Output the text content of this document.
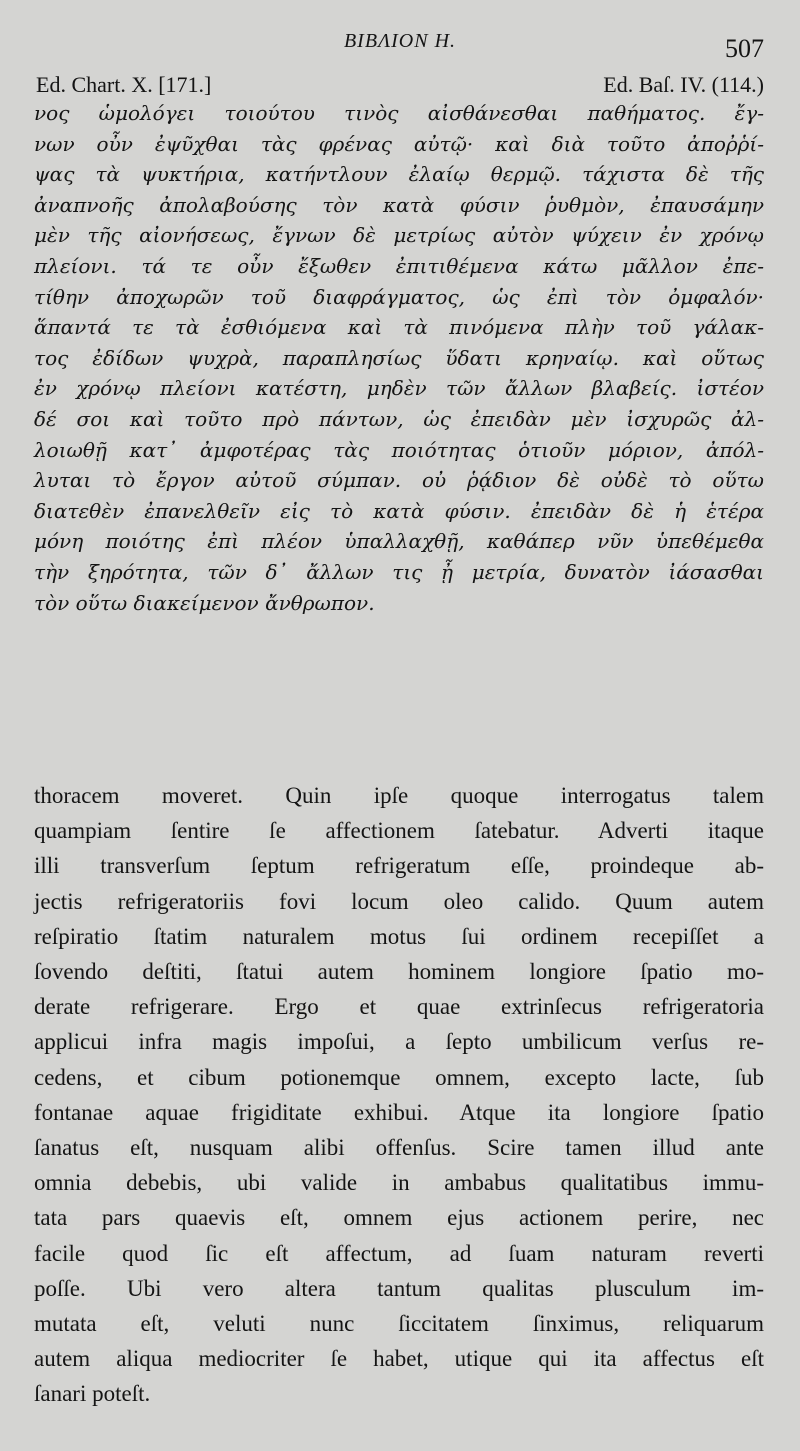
ΒΙΒΛΙΟΝ Η.	507
Ed. Chart. X. [171.]	Ed. Baſ. IV. (114.)
νος ὡμολόγει τοιούτου τινὸς αἰσθάνεσθαι παθήματος. ἔγ-
νων οὖν ἐψῦχθαι τὰς φρένας αὐτῷ· καὶ διὰ τοῦτο ἀποῤῥί-
ψας τὰ ψυκτήρια, κατήντλουν ἐλαίῳ θερμῷ. τάχιστα δὲ τῆς
ἀναπνοῆς ἀπολαβούσης τὸν κατὰ φύσιν ῥυθμὸν, ἐπαυσάμην
μὲν τῆς αἰονήσεως, ἔγνων δὲ μετρίως αὐτὸν ψύχειν ἐν χρόνῳ
πλείονι. τά τε οὖν ἔξωθεν ἐπιτιθέμενα κάτω μᾶλλον ἐπε-
τίθην ἀποχωρῶν τοῦ διαφράγματος, ὡς ἐπὶ τὸν ὀμφαλόν·
ἅπαντά τε τὰ ἐσθιόμενα καὶ τὰ πινόμενα πλὴν τοῦ γάλακ-
τος ἐδίδων ψυχρὰ, παραπλησίως ὕδατι κρηναίῳ. καὶ οὕτως
ἐν χρόνῳ πλείονι κατέστη, μηδὲν τῶν ἄλλων βλαβείς. ἰστέον
δέ σοι καὶ τοῦτο πρὸ πάντων, ὡς ἐπειδὰν μὲν ἰσχυρῶς ἀλ-
λοιωθῇ κατ᾿ ἀμφοτέρας τὰς ποιότητας ὁτιοῦν μόριον, ἀπόλ-
λυται τὸ ἔργον αὐτοῦ σύμπαν. οὐ ῥᾴδιον δὲ οὐδὲ τὸ οὕτω
διατεθὲν ἐπανελθεῖν εἰς τὸ κατὰ φύσιν. ἐπειδὰν δὲ ἡ ἑτέρα
μόνη ποιότης ἐπὶ πλέον ὑπαλλαχθῇ, καθάπερ νῦν ὑπεθέμεθα
τὴν ξηρότητα, τῶν δ᾿ ἄλλων τις ᾖ μετρία, δυνατὸν ἰάσασθαι
τὸν οὕτω διακείμενον ἄνθρωπον.
thoracem moveret. Quin ipſe quoque interrogatus talem
quampiam ſentire ſe affectionem ſatebatur. Adverti itaque
illi transverſum ſeptum refrigeratum eſſe, proindeque ab-
jectis refrigeratoriis fovi locum oleo calido. Quum autem
reſpiratio ſtatim naturalem motus ſui ordinem recepiſſet a
ſovendo deſtiti, ſtatui autem hominem longiore ſpatio mo-
derate refrigerare. Ergo et quae extrinſecus refrigeratoria
applicui infra magis impoſui, a ſepto umbilicum verſus re-
cedens, et cibum potionemque omnem, excepto lacte, ſub
fontanae aquae frigiditate exhibui. Atque ita longiore ſpatio
ſanatus eſt, nusquam alibi offenſus. Scire tamen illud ante
omnia debebis, ubi valide in ambabus qualitatibus immu-
tata pars quaevis eſt, omnem ejus actionem perire, nec
facile quod ſic eſt affectum, ad ſuam naturam reverti
poſſe. Ubi vero altera tantum qualitas plusculum im-
mutata eſt, veluti nunc ſiccitatem ſinximus, reliquarum
autem aliqua mediocriter ſe habet, utique qui ita affectus eſt
ſanari poteſt.
